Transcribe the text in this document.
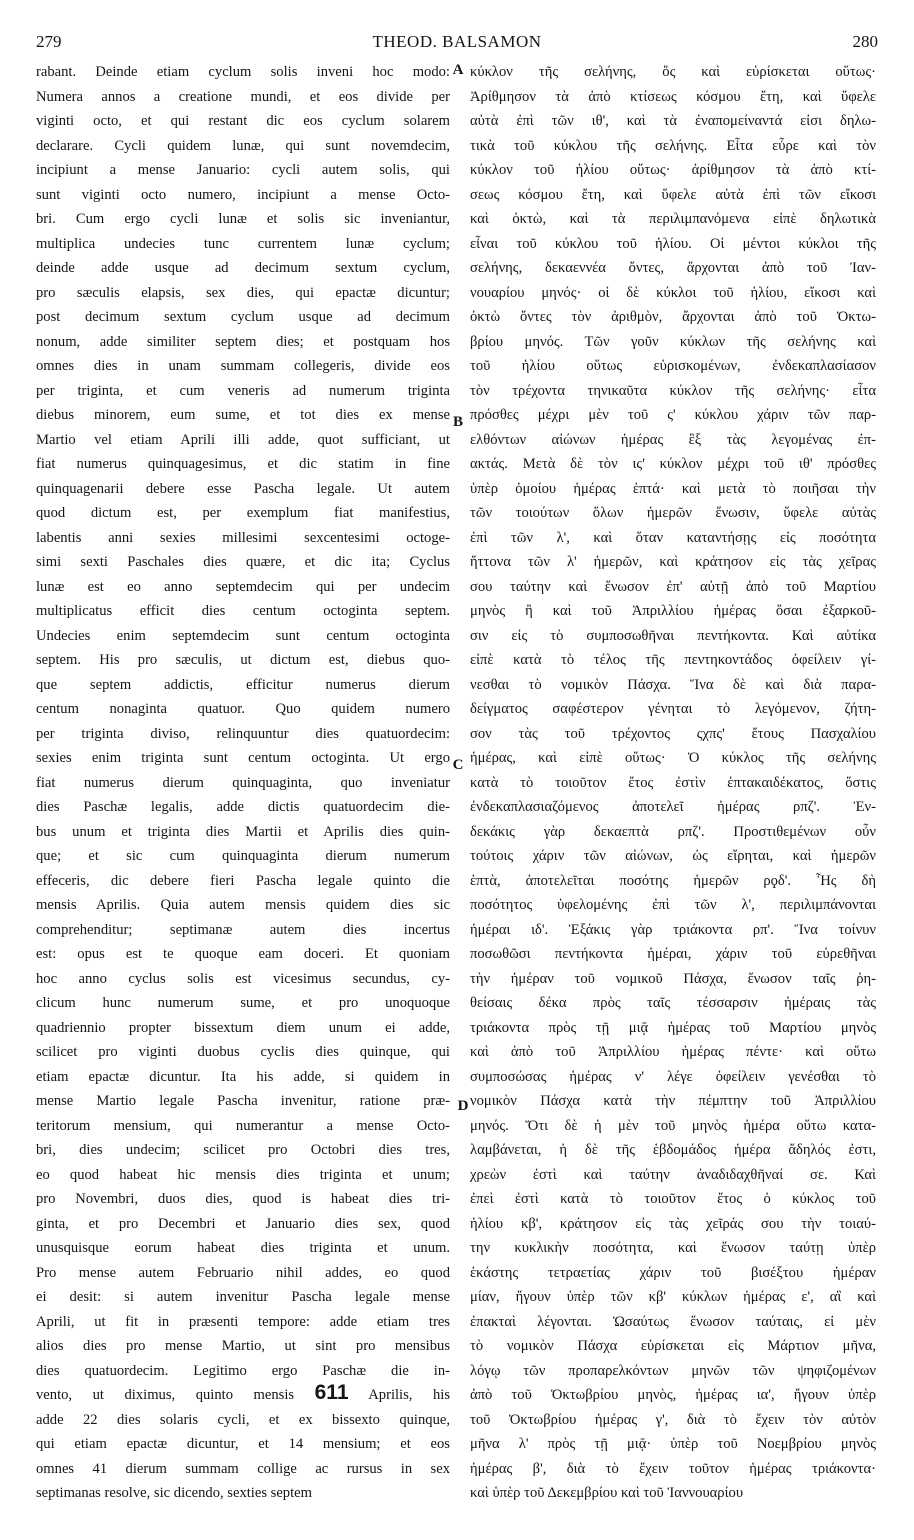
279	THEOD. BALSAMON	280
rabant. Deinde etiam cyclum solis inveni hoc modo:
Numera annos a creatione mundi, et eos divide per
viginti octo, et qui restant dic eos cyclum solarem
declarare. Cycli quidem lunæ, qui sunt novemdecim,
incipiunt a mense Januario: cycli autem solis, qui
sunt viginti octo numero, incipiunt a mense Octo-
bri. Cum ergo cycli lunæ et solis sic inveniantur,
multiplica undecies tunc currentem lunæ cyclum;
deinde adde usque ad decimum sextum cyclum,
pro sæculis elapsis, sex dies, qui epactæ dicuntur;
post decimum sextum cyclum usque ad decimum
nonum, adde similiter septem dies; et postquam hos
omnes dies in unam summam collegeris, divide eos
per triginta, et cum veneris ad numerum triginta
diebus minorem, eum sume, et tot dies ex mense
Martio vel etiam Aprili illi adde, quot sufficiant, ut
fiat numerus quinquagesimus, et dic statim in fine
quinquagenarii debere esse Pascha legale. Ut autem
quod dictum est, per exemplum fiat manifestius,
labentis anni sexies millesimi sexcentesimi octoge-
simi sexti Paschales dies quære, et dic ita; Cyclus
lunæ est eo anno septemdecim qui per undecim
multiplicatus efficit dies centum octoginta septem.
Undecies enim septemdecim sunt centum octoginta
septem. His pro sæculis, ut dictum est, diebus quo-
que septem addictis, efficitur numerus dierum
centum nonaginta quatuor. Quo quidem numero
per triginta diviso, relinquuntur dies quatuordecim:
sexies enim triginta sunt centum octoginta. Ut ergo
fiat numerus dierum quinquaginta, quo inveniatur
dies Paschæ legalis, adde dictis quatuordecim die-
bus unum et triginta dies Martii et Aprilis dies quin-
que; et sic cum quinquaginta dierum numerum
effeceris, dic debere fieri Pascha legale quinto die
mensis Aprilis. Quia autem mensis quidem dies sic
comprehenditur; septimanæ autem dies incertus
est: opus est te quoque eam doceri. Et quoniam
hoc anno cyclus solis est vicesimus secundus, cy-
clicum hunc numerum sume, et pro unoquoque
quadriennio propter bissextum diem unum ei adde,
scilicet pro viginti duobus cyclis dies quinque, qui
etiam epactæ dicuntur. Ita his adde, si quidem in
mense Martio legale Pascha invenitur, ratione præ-
teritorum mensium, qui numerantur a mense Octo-
bri, dies undecim; scilicet pro Octobri dies tres,
eo quod habeat hic mensis dies triginta et unum;
pro Novembri, duos dies, quod is habeat dies tri-
ginta, et pro Decembri et Januario dies sex, quod
unusquisque eorum habeat dies triginta et unum.
Pro mense autem Februario nihil addes, eo quod
ei desit: si autem invenitur Pascha legale mense
Aprili, ut fit in præsenti tempore: adde etiam tres
alios dies pro mense Martio, ut sint pro mensibus
dies quatuordecim. Legitimo ergo Paschæ die in-
vento, ut diximus, quinto mensis 611 Aprilis, his
adde 22 dies solaris cycli, et ex bissexto quinque,
qui etiam epactæ dicuntur, et 14 mensium; et eos
omnes 41 dierum summam collige ac rursus in sex
septimanas resolve, sic dicendo, sexties septem
κύκλον τῆς σελήνης, ὅς καὶ εὑρίσκεται οὕτως·
Ἀρίθμησον τὰ ἀπὸ κτίσεως κόσμου ἔτη, καὶ ὕφελε
αὐτὰ ἐπὶ τῶν ιθ', καὶ τὰ ἐναπομείναντά εἰσι δηλω-
τικὰ τοῦ κύκλου τῆς σελήνης. Εἶτα εὗρε καὶ τὸν
κύκλον τοῦ ἡλίου οὕτως· ἀρίθμησον τὰ ἀπὸ κτί-
σεως κόσμου ἔτη, καὶ ὕφελε αὐτὰ ἐπὶ τῶν εἴκοσι
καὶ ὀκτὼ, καὶ τὰ περιλιμπανόμενα εἰπὲ δηλωτικὰ
εἶναι τοῦ κύκλου τοῦ ἡλίου. Οἱ μέντοι κύκλοι τῆς
σελήνης, δεκαεννέα ὄντες, ἄρχονται ἀπὸ τοῦ Ἰαν-
νουαρίου μηνός· οἱ δὲ κύκλοι τοῦ ἡλίου, εἴκοσι καὶ
ὀκτὼ ὄντες τὸν ἀριθμὸν, ἄρχονται ἀπὸ τοῦ Ὀκτω-
βρίου μηνός. Τῶν γοῦν κύκλων τῆς σελήνης καὶ
τοῦ ἡλίου οὕτως εὑρισκομένων, ἐνδεκαπλασίασον
τὸν τρέχοντα τηνικαῦτα κύκλον τῆς σελήνης· εἶτα
πρόσθες μέχρι μὲν τοῦ ς' κύκλου χάριν τῶν παρ-
ελθόντων αἰώνων ἡμέρας ἓξ τὰς λεγομένας ἐπ-
ακτάς. Μετὰ δὲ τὸν ις' κύκλον μέχρι τοῦ ιθ' πρόσθες
ὑπὲρ ὁμοίου ἡμέρας ἑπτά· καὶ μετὰ τὸ ποιῆσαι τὴν
τῶν τοιούτων ὅλων ἡμερῶν ἕνωσιν, ὕφελε αὐτὰς
ἐπὶ τῶν λ', καὶ ὅταν καταντήσῃς εἰς ποσότητα
ἥττονα τῶν λ' ἡμερῶν, καὶ κράτησον εἰς τὰς χεῖρας
σου ταύτην καὶ ἕνωσον ἐπ' αὐτῇ ἀπὸ τοῦ Μαρτίου
μηνὸς ἢ καὶ τοῦ Ἀπριλλίου ἡμέρας ὅσαι ἐξαρκοῦ-
σιν εἰς τὸ συμποσωθῆναι πεντήκοντα. Καὶ αὐτίκα
εἰπὲ κατὰ τὸ τέλος τῆς πεντηκοντάδος ὀφείλειν γί-
νεσθαι τὸ νομικὸν Πάσχα. Ἵνα δὲ καὶ διὰ παρα-
δείγματος σαφέστερον γένηται τὸ λεγόμενον, ζήτη-
σον τὰς τοῦ τρέχοντος ςχπς' ἔτους Πασχαλίου
ἡμέρας, καὶ εἰπὲ οὕτως· Ὁ κύκλος τῆς σελήνης
κατὰ τὸ τοιοῦτον ἔτος ἐστὶν ἑπτακαιδέκατος, ὅστις
ἐνδεκαπλασιαζόμενος ἀποτελεῖ ἡμέρας ρπζ'. Ἑν-
δεκάκις γὰρ δεκαεπτὰ ρπζ'. Προστιθεμένων οὖν
τούτοις χάριν τῶν αἰώνων, ὡς εἴρηται, καὶ ἡμερῶν
ἑπτὰ, ἀποτελεῖται ποσότης ἡμερῶν ρϙδ'. Ἧς δὴ
ποσότητος ὑφελομένης ἐπὶ τῶν λ', περιλιμπάνονται
ἡμέραι ιδ'. Ἑξάκις γὰρ τριάκοντα ρπ'. Ἵνα τοίνυν
ποσωθῶσι πεντήκοντα ἡμέραι, χάριν τοῦ εὑρεθῆναι
τὴν ἡμέραν τοῦ νομικοῦ Πάσχα, ἕνωσον ταῖς ῥη-
θείσαις δέκα πρὸς ταῖς τέσσαρσιν ἡμέραις τὰς
τριάκοντα πρὸς τῇ μιᾷ ἡμέρας τοῦ Μαρτίου μηνὸς
καὶ ἀπὸ τοῦ Ἀπριλλίου ἡμέρας πέντε· καὶ οὕτω
συμποσώσας ἡμέρας ν' λέγε ὀφείλειν γενέσθαι τὸ
νομικὸν Πάσχα κατὰ τὴν πέμπτην τοῦ Ἀπριλλίου
μηνός. Ὅτι δὲ ἡ μὲν τοῦ μηνὸς ἡμέρα οὕτω κατα-
λαμβάνεται, ἡ δὲ τῆς ἑβδομάδος ἡμέρα ἄδηλός ἐστι,
χρεὼν ἐστὶ καὶ ταύτην ἀναδιδαχθῆναί σε. Καὶ
ἐπεὶ ἐστὶ κατὰ τὸ τοιοῦτον ἔτος ὁ κύκλος τοῦ
ἡλίου κβ', κράτησον εἰς τὰς χεῖράς σου τὴν τοιαύ-
την κυκλικὴν ποσότητα, καὶ ἕνωσον ταύτῃ ὑπὲρ
ἑκάστης τετραετίας χάριν τοῦ βισέξτου ἡμέραν
μίαν, ἤγουν ὑπὲρ τῶν κβ' κύκλων ἡμέρας ε', αἳ καὶ
ἐπακταὶ λέγονται. Ὡσαύτως ἕνωσον ταύταις, εἰ μὲν
τὸ νομικὸν Πάσχα εὑρίσκεται εἰς Μάρτιον μῆνα,
λόγῳ τῶν προπαρελκόντων μηνῶν τῶν ψηφιζομένων
ἀπὸ τοῦ Ὀκτωβρίου μηνὸς, ἡμέρας ια', ἤγουν ὑπὲρ
τοῦ Ὀκτωβρίου ἡμέρας γ', διὰ τὸ ἔχειν τὸν αὐτὸν
μῆνα λ' πρὸς τῇ μιᾷ· ὑπὲρ τοῦ Νοεμβρίου μηνὸς
ἡμέρας β', διὰ τὸ ἔχειν τοῦτον ἡμέρας τριάκοντα·
καὶ ὑπὲρ τοῦ Δεκεμβρίου καὶ τοῦ Ἰαννουαρίου
A
B
C
D
